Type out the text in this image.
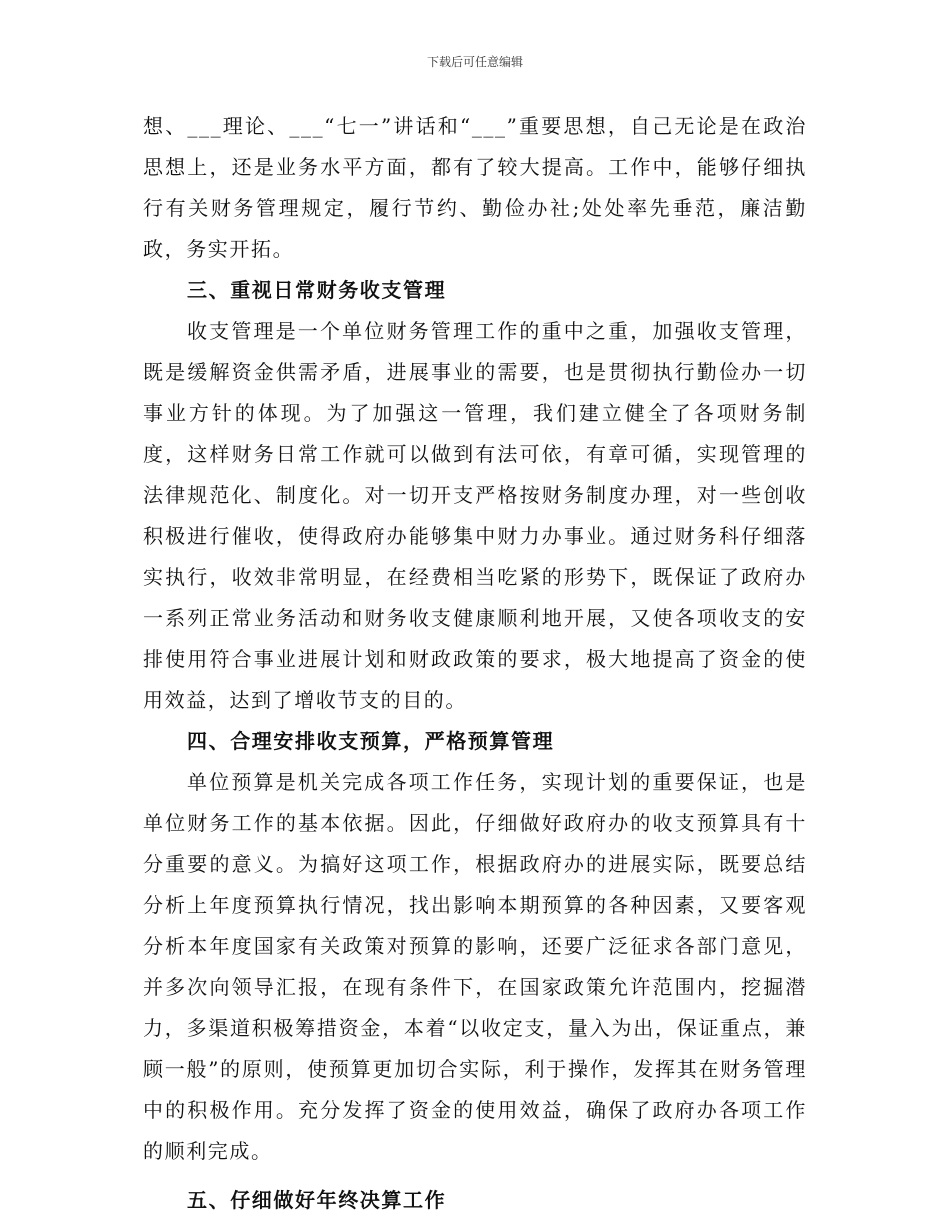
下载后可任意编辑

想、___理论、___“七一”讲话和“___”重要思想，自己无论是在政治思想上，还是业务水平方面，都有了较大提高。工作中，能够仔细执行有关财务管理规定，履行节约、勤俭办社;处处率先垂范，廉洁勤政，务实开拓。

三、重视日常财务收支管理

收支管理是一个单位财务管理工作的重中之重，加强收支管理，既是缓解资金供需矛盾，进展事业的需要，也是贯彻执行勤俭办一切事业方针的体现。为了加强这一管理，我们建立健全了各项财务制度，这样财务日常工作就可以做到有法可依，有章可循，实现管理的法律规范化、制度化。对一切开支严格按财务制度办理，对一些创收积极进行催收，使得政府办能够集中财力办事业。通过财务科仔细落实执行，收效非常明显，在经费相当吃紧的形势下，既保证了政府办一系列正常业务活动和财务收支健康顺利地开展，又使各项收支的安排使用符合事业进展计划和财政政策的要求，极大地提高了资金的使用效益，达到了增收节支的目的。

四、合理安排收支预算，严格预算管理

单位预算是机关完成各项工作任务，实现计划的重要保证，也是单位财务工作的基本依据。因此，仔细做好政府办的收支预算具有十分重要的意义。为搞好这项工作，根据政府办的进展实际，既要总结分析上年度预算执行情况，找出影响本期预算的各种因素，又要客观分析本年度国家有关政策对预算的影响，还要广泛征求各部门意见，并多次向领导汇报，在现有条件下，在国家政策允许范围内，挖掘潜力，多渠道积极筹措资金，本着“以收定支，量入为出，保证重点，兼顾一般”的原则，使预算更加切合实际，利于操作，发挥其在财务管理中的积极作用。充分发挥了资金的使用效益，确保了政府办各项工作的顺利完成。

五、仔细做好年终决算工作
